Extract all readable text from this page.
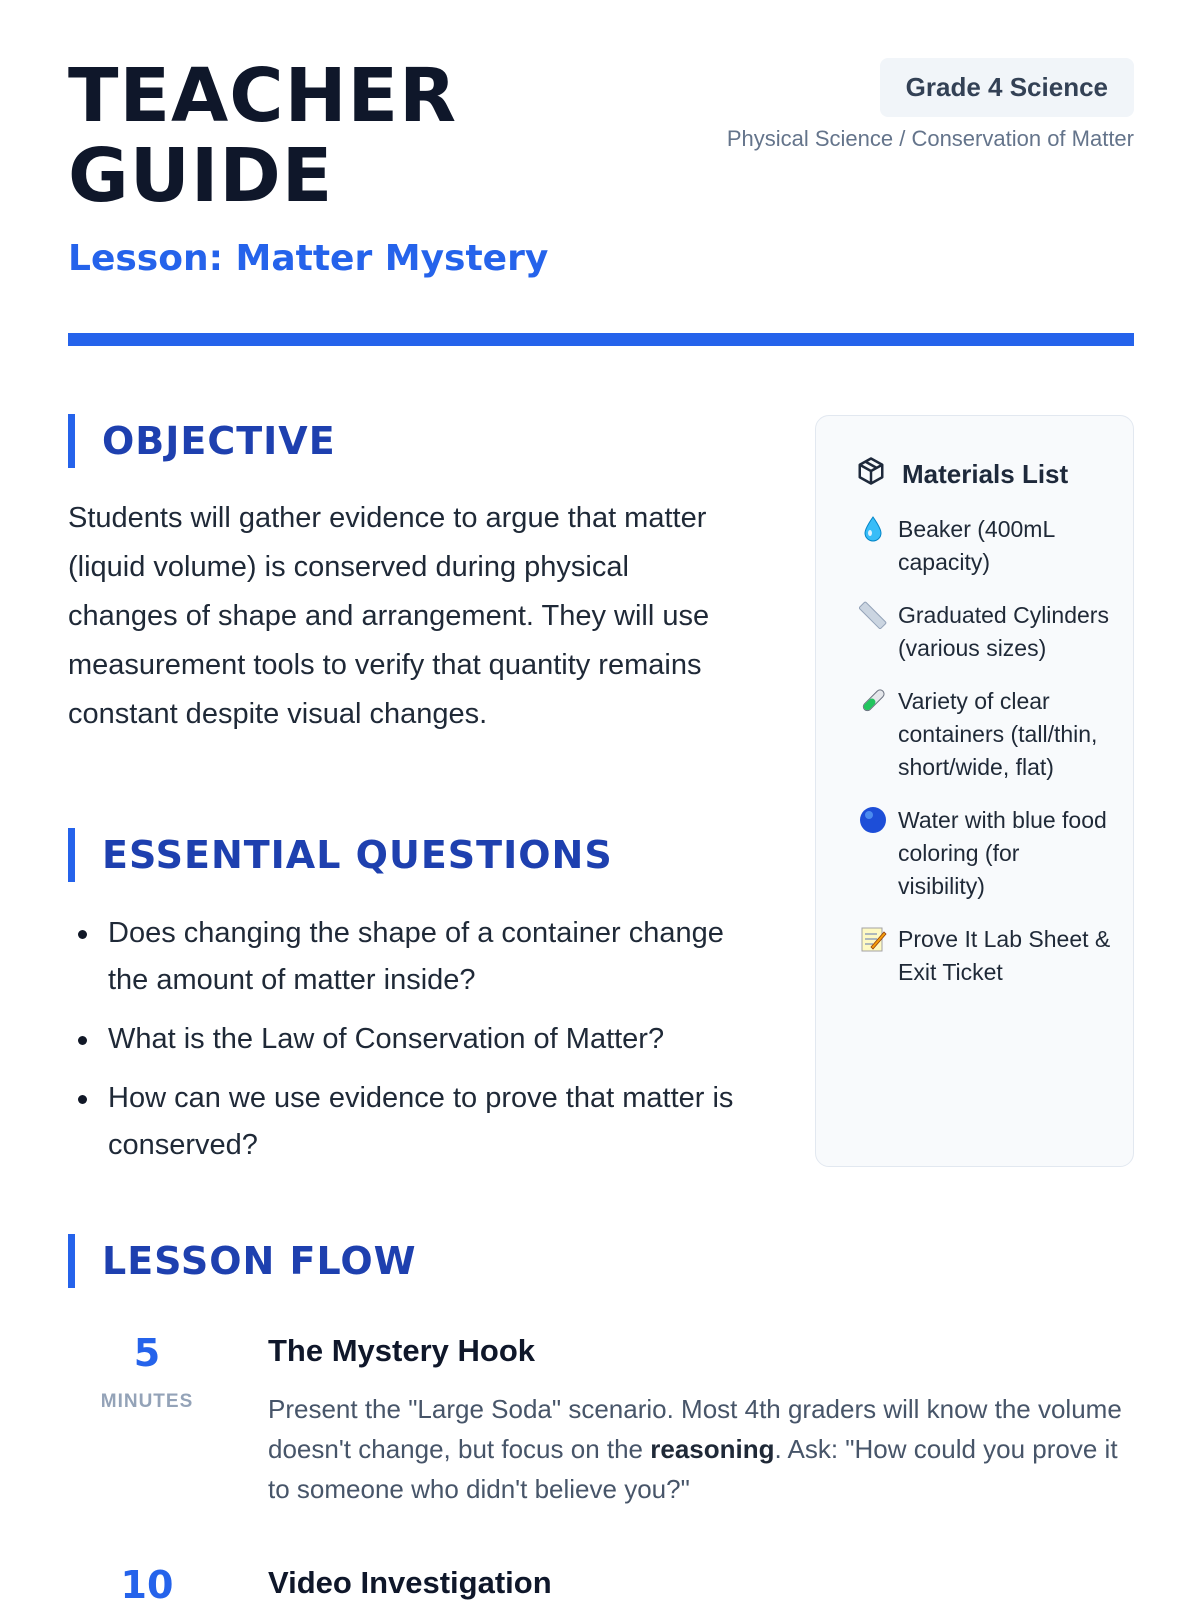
TEACHER GUIDE
Lesson: Matter Mystery
Grade 4 Science
Physical Science / Conservation of Matter
OBJECTIVE

Students will gather evidence to argue that matter (liquid volume) is conserved during physical changes of shape and arrangement. They will use measurement tools to verify that quantity remains constant despite visual changes.

ESSENTIAL QUESTIONS
Does changing the shape of a container change the amount of matter inside?
What is the Law of Conservation of Matter?
How can we use evidence to prove that matter is conserved?
Materials List
Beaker (400mL capacity)
Graduated Cylinders (various sizes)
Variety of clear containers (tall/thin, short/wide, flat)
Water with blue food coloring (for visibility)
Prove It Lab Sheet & Exit Ticket
LESSON FLOW
5
MINUTES
The Mystery Hook
Present the "Large Soda" scenario. Most 4th graders will know the volume doesn't change, but focus on the reasoning. Ask: "How could you prove it to someone who didn't believe you?"
10	Video Investigation
